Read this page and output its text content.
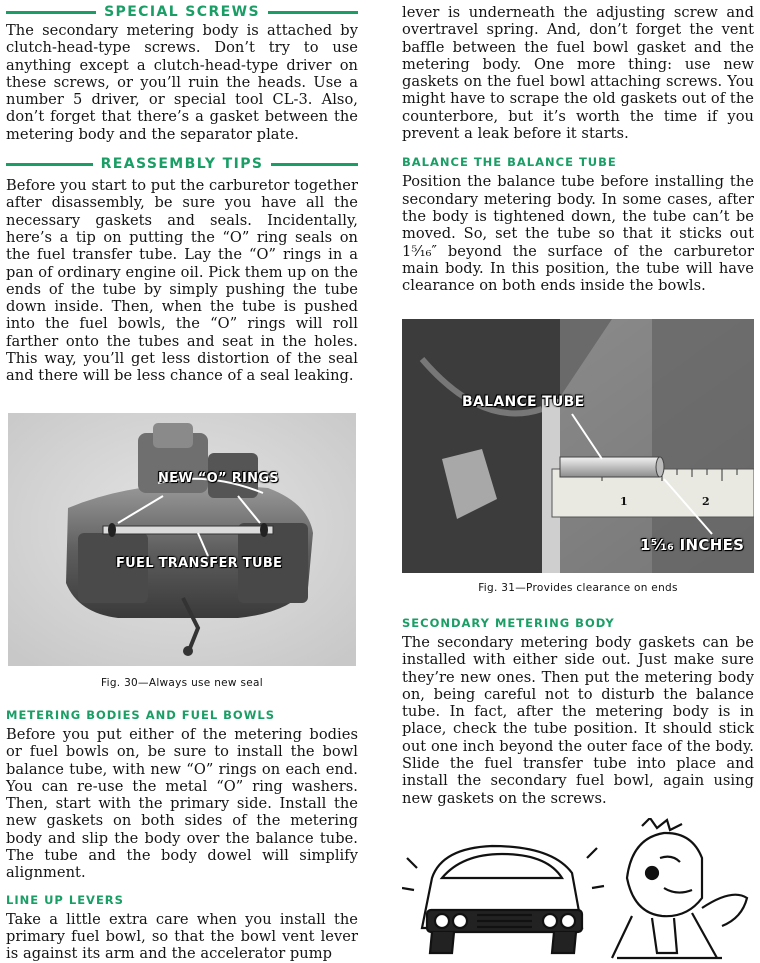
SPECIAL SCREWS

The secondary metering body is attached by clutch-head-type screws. Don’t try to use anything except a clutch-head-type driver on these screws, or you’ll ruin the heads. Use a number 5 driver, or special tool CL-3. Also, don’t forget that there’s a gasket between the metering body and the separator plate.

REASSEMBLY TIPS

Before you start to put the carburetor together after disassembly, be sure you have all the necessary gaskets and seals. Incidentally, here’s a tip on putting the “O” ring seals on the fuel transfer tube. Lay the “O” rings in a pan of ordinary engine oil. Pick them up on the ends of the tube by simply pushing the tube down inside. Then, when the tube is pushed into the fuel bowls, the “O” rings will roll farther onto the tubes and seat in the holes. This way, you’ll get less distortion of the seal and there will be less chance of a seal leaking.

NEW “O” RINGS
FUEL TRANSFER TUBE
Fig. 30—Always use new seal

METERING BODIES AND FUEL BOWLS

Before you put either of the metering bodies or fuel bowls on, be sure to install the bowl balance tube, with new “O” rings on each end. You can re-use the metal “O” ring washers. Then, start with the primary side. Install the new gaskets on both sides of the metering body and slip the body over the balance tube. The tube and the body dowel will simplify alignment.

LINE UP LEVERS

Take a little extra care when you install the primary fuel bowl, so that the bowl vent lever is against its arm and the accelerator pump

lever is underneath the adjusting screw and overtravel spring. And, don’t forget the vent baffle between the fuel bowl gasket and the metering body. One more thing: use new gaskets on the fuel bowl attaching screws. You might have to scrape the old gaskets out of the counterbore, but it’s worth the time if you prevent a leak before it starts.

BALANCE THE BALANCE TUBE

Position the balance tube before installing the secondary metering body. In some cases, after the body is tightened down, the tube can’t be moved. So, set the tube so that it sticks out 1⁵⁄₁₆″ beyond the surface of the carburetor main body. In this position, the tube will have clearance on both ends inside the bowls.

BALANCE TUBE
1	2
1⁵⁄₁₆ INCHES
Fig. 31—Provides clearance on ends

SECONDARY METERING BODY

The secondary metering body gaskets can be installed with either side out. Just make sure they’re new ones. Then put the metering body on, being careful not to disturb the balance tube. In fact, after the metering body is in place, check the tube position. It should stick out one inch beyond the outer face of the body. Slide the fuel transfer tube into place and install the secondary fuel bowl, again using new gaskets on the screws.
